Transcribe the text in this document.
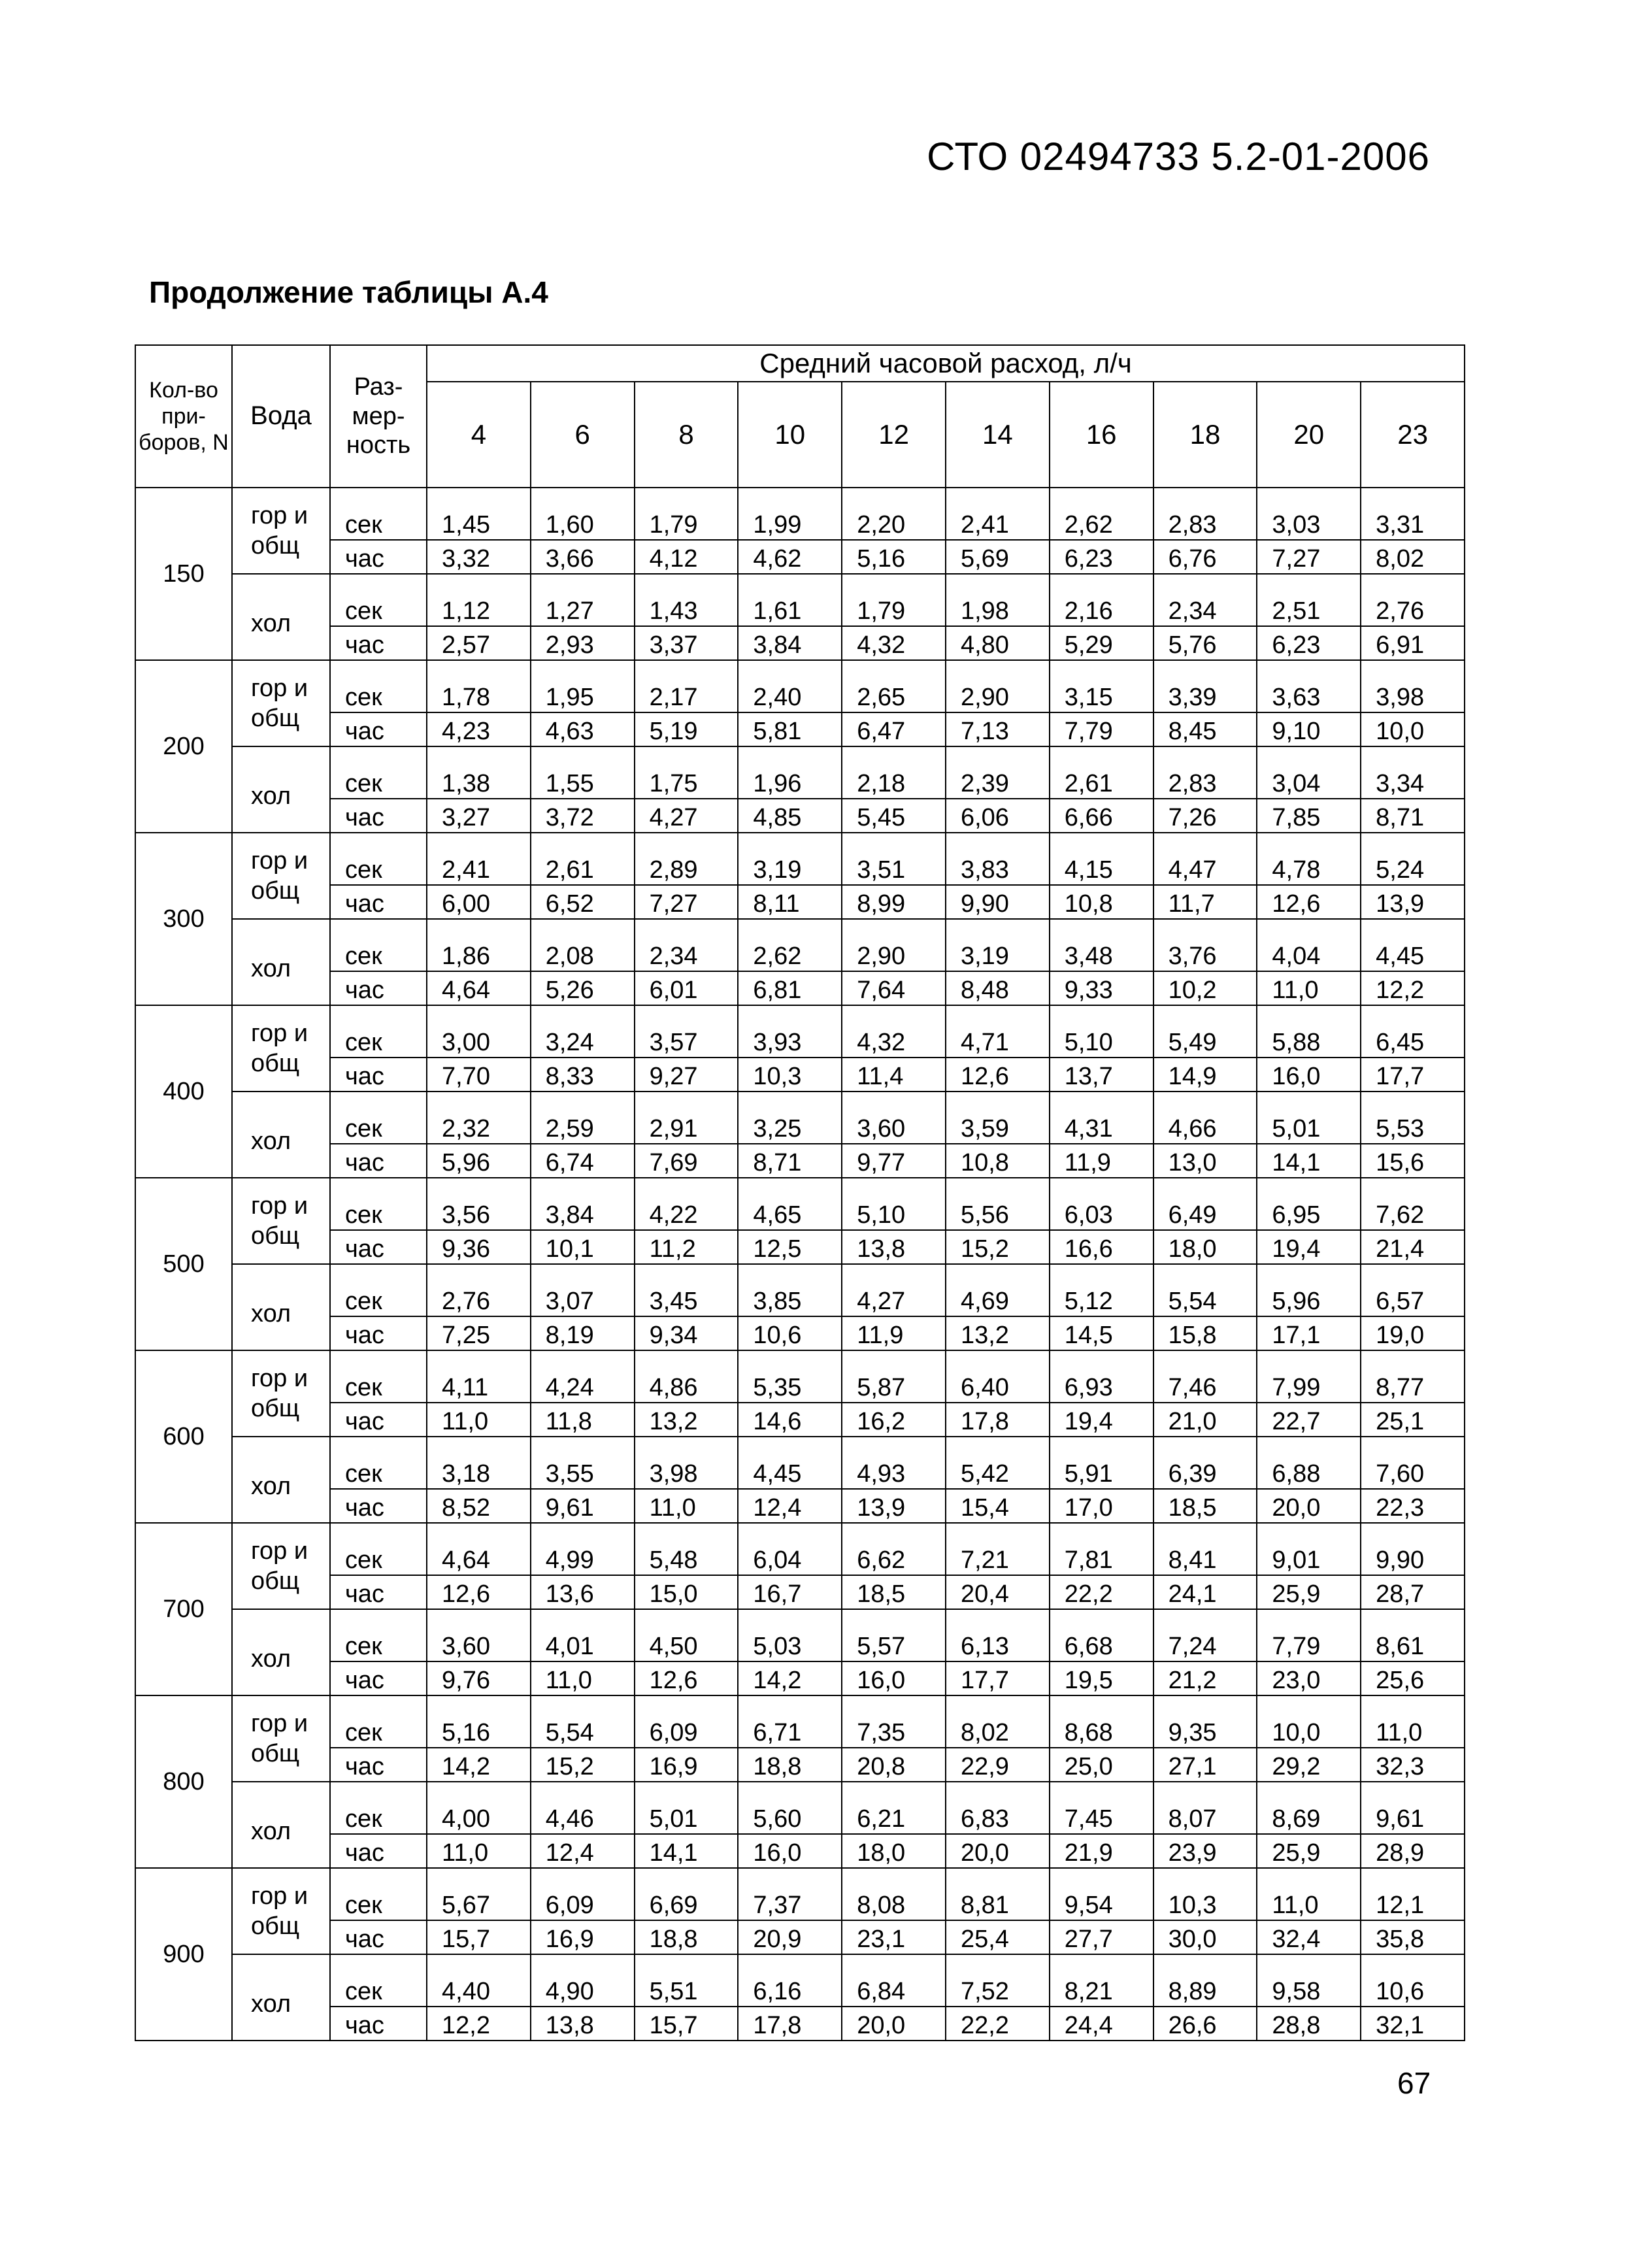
СТО 02494733 5.2-01-2006
Продолжение таблицы А.4
Кол-во при- боров, N	Вода	Раз- мер- ность	Средний часовой расход, л/ч									
			4	6	8	10	12	14	16	18	20	23
150	гор и общ	сек	1,45	1,60	1,79	1,99	2,20	2,41	2,62	2,83	3,03	3,31
		час	3,32	3,66	4,12	4,62	5,16	5,69	6,23	6,76	7,27	8,02
	хол	сек	1,12	1,27	1,43	1,61	1,79	1,98	2,16	2,34	2,51	2,76
		час	2,57	2,93	3,37	3,84	4,32	4,80	5,29	5,76	6,23	6,91
200	гор и общ	сек	1,78	1,95	2,17	2,40	2,65	2,90	3,15	3,39	3,63	3,98
		час	4,23	4,63	5,19	5,81	6,47	7,13	7,79	8,45	9,10	10,0
	хол	сек	1,38	1,55	1,75	1,96	2,18	2,39	2,61	2,83	3,04	3,34
		час	3,27	3,72	4,27	4,85	5,45	6,06	6,66	7,26	7,85	8,71
300	гор и общ	сек	2,41	2,61	2,89	3,19	3,51	3,83	4,15	4,47	4,78	5,24
		час	6,00	6,52	7,27	8,11	8,99	9,90	10,8	11,7	12,6	13,9
	хол	сек	1,86	2,08	2,34	2,62	2,90	3,19	3,48	3,76	4,04	4,45
		час	4,64	5,26	6,01	6,81	7,64	8,48	9,33	10,2	11,0	12,2
400	гор и общ	сек	3,00	3,24	3,57	3,93	4,32	4,71	5,10	5,49	5,88	6,45
		час	7,70	8,33	9,27	10,3	11,4	12,6	13,7	14,9	16,0	17,7
	хол	сек	2,32	2,59	2,91	3,25	3,60	3,59	4,31	4,66	5,01	5,53
		час	5,96	6,74	7,69	8,71	9,77	10,8	11,9	13,0	14,1	15,6
500	гор и общ	сек	3,56	3,84	4,22	4,65	5,10	5,56	6,03	6,49	6,95	7,62
		час	9,36	10,1	11,2	12,5	13,8	15,2	16,6	18,0	19,4	21,4
	хол	сек	2,76	3,07	3,45	3,85	4,27	4,69	5,12	5,54	5,96	6,57
		час	7,25	8,19	9,34	10,6	11,9	13,2	14,5	15,8	17,1	19,0
600	гор и общ	сек	4,11	4,24	4,86	5,35	5,87	6,40	6,93	7,46	7,99	8,77
		час	11,0	11,8	13,2	14,6	16,2	17,8	19,4	21,0	22,7	25,1
	хол	сек	3,18	3,55	3,98	4,45	4,93	5,42	5,91	6,39	6,88	7,60
		час	8,52	9,61	11,0	12,4	13,9	15,4	17,0	18,5	20,0	22,3
700	гор и общ	сек	4,64	4,99	5,48	6,04	6,62	7,21	7,81	8,41	9,01	9,90
		час	12,6	13,6	15,0	16,7	18,5	20,4	22,2	24,1	25,9	28,7
	хол	сек	3,60	4,01	4,50	5,03	5,57	6,13	6,68	7,24	7,79	8,61
		час	9,76	11,0	12,6	14,2	16,0	17,7	19,5	21,2	23,0	25,6
800	гор и общ	сек	5,16	5,54	6,09	6,71	7,35	8,02	8,68	9,35	10,0	11,0
		час	14,2	15,2	16,9	18,8	20,8	22,9	25,0	27,1	29,2	32,3
	хол	сек	4,00	4,46	5,01	5,60	6,21	6,83	7,45	8,07	8,69	9,61
		час	11,0	12,4	14,1	16,0	18,0	20,0	21,9	23,9	25,9	28,9
900	гор и общ	сек	5,67	6,09	6,69	7,37	8,08	8,81	9,54	10,3	11,0	12,1
		час	15,7	16,9	18,8	20,9	23,1	25,4	27,7	30,0	32,4	35,8
	хол	сек	4,40	4,90	5,51	6,16	6,84	7,52	8,21	8,89	9,58	10,6
		час	12,2	13,8	15,7	17,8	20,0	22,2	24,4	26,6	28,8	32,1
67
